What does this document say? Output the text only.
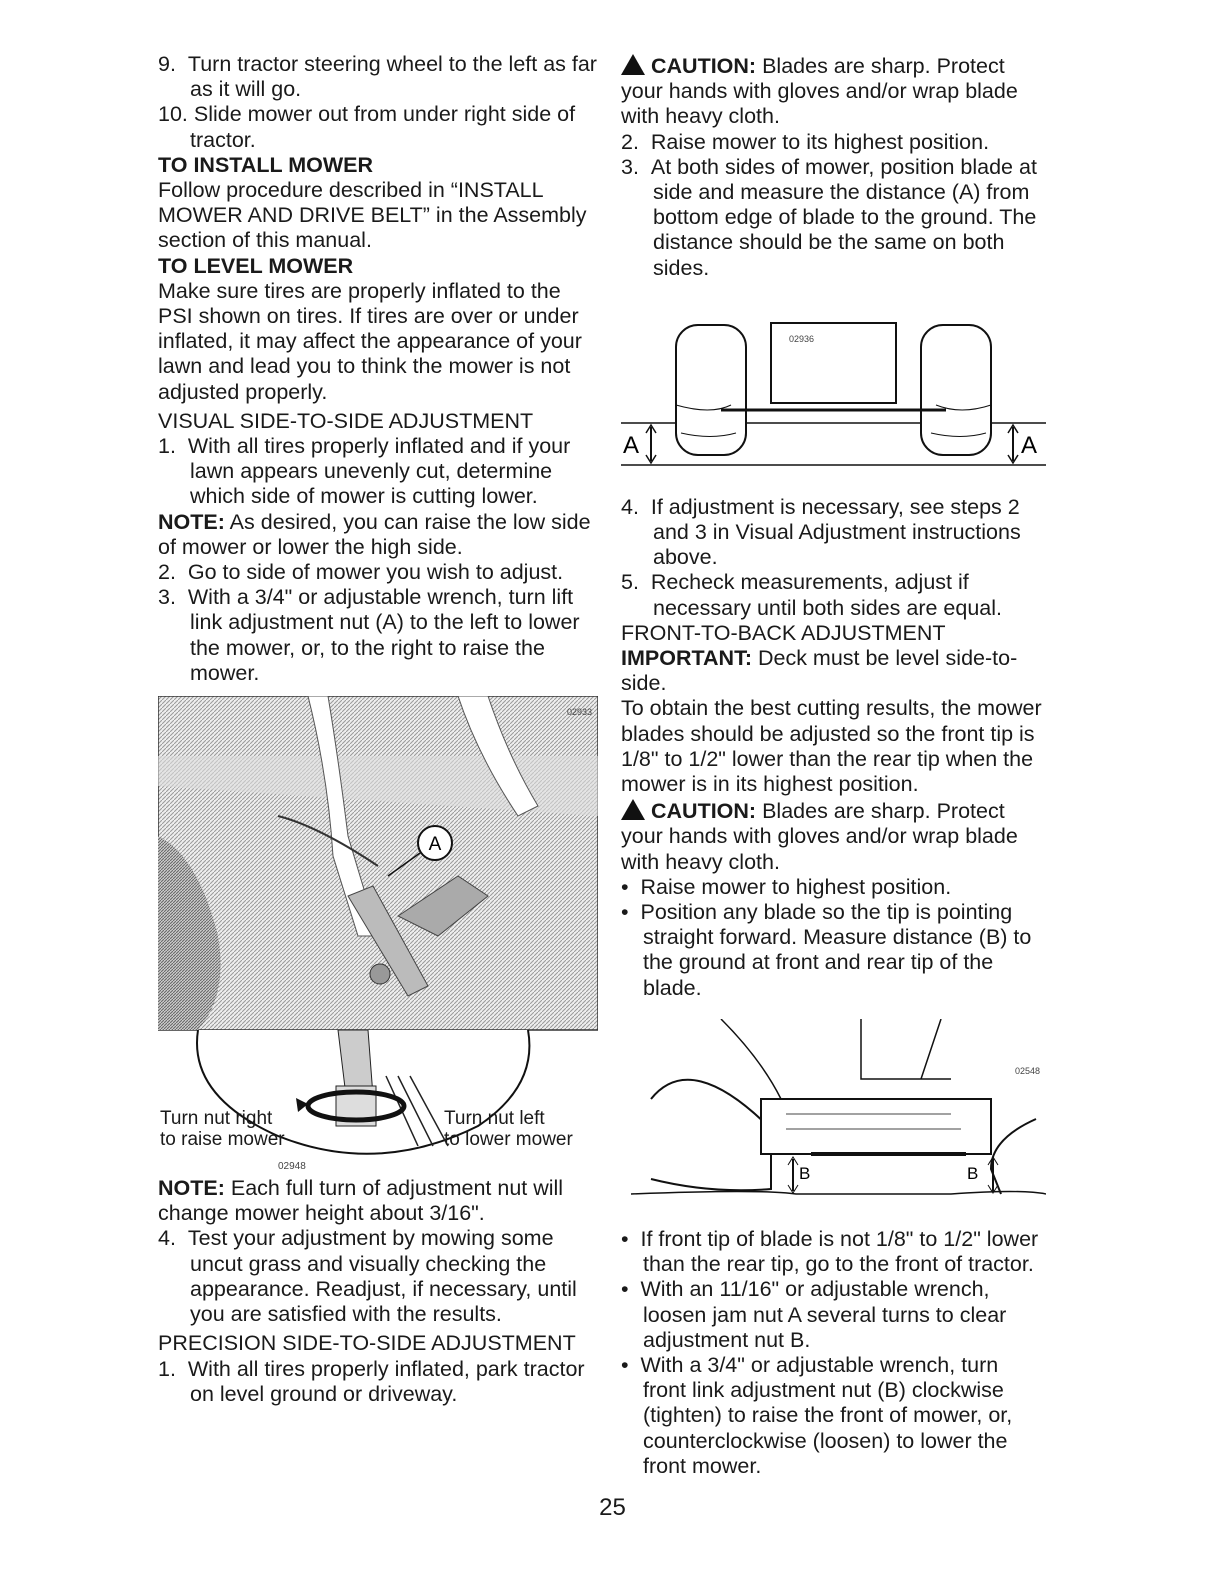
9.  Turn tractor steering wheel to the left as far as it will go.

10. Slide mower out from under right side of tractor.

TO INSTALL MOWER

Follow procedure described in “INSTALL MOWER AND DRIVE BELT” in the Assembly section of this manual.

TO LEVEL MOWER

Make sure tires are properly inflated to the PSI shown on tires. If tires are over or under inflated, it may affect the appearance of your lawn and lead you to think the mower is not adjusted properly.

VISUAL SIDE-TO-SIDE ADJUSTMENT

1.  With all tires properly inflated and if your lawn appears unevenly cut, determine which side of mower is cutting lower.

NOTE: As desired, you can raise the low side of mower or lower the high side.

2.  Go to side of mower you wish to adjust.

3.  With a 3/4" or adjustable wrench, turn lift link adjustment nut (A) to the left to lower the mower, or, to the right to raise the mower.

A
02933
Turn nut right
to raise mower
Turn nut left
to lower mower
02948

NOTE: Each full turn of adjustment nut will change mower height about 3/16".

4.  Test your adjustment by mowing some uncut grass and visually checking the appearance. Readjust, if necessary, until you are satisfied with the results.

PRECISION SIDE-TO-SIDE ADJUSTMENT

1.  With all tires properly inflated, park tractor on level ground or driveway.

CAUTION: Blades are sharp. Protect your hands with gloves and/or wrap blade with heavy cloth.

2.  Raise mower to its highest position.

3.  At both sides of mower, position blade at side and measure the distance (A) from bottom edge of blade to the ground. The distance should be the same on both sides.

A	A
02936

4.  If adjustment is necessary, see steps 2 and 3 in Visual Adjustment instructions above.

5.  Recheck measurements, adjust if necessary until both sides are equal.

FRONT-TO-BACK ADJUSTMENT

IMPORTANT: Deck must be level side-to-side.

To obtain the best cutting results, the mower blades should be adjusted so the front tip is 1/8" to 1/2" lower than the rear tip when the mower is in its highest position.

CAUTION: Blades are sharp. Protect your hands with gloves and/or wrap blade with heavy cloth.

•  Raise mower to highest position.

•  Position any blade so the tip is pointing straight forward. Measure distance (B) to the ground at front and rear tip of the blade.

B	B
02548

•  If front tip of blade is not 1/8" to 1/2" lower than the rear tip, go to the front of tractor.

•  With an 11/16" or adjustable wrench, loosen jam nut A several turns to clear adjustment nut B.

•  With a 3/4" or adjustable wrench, turn front link adjustment nut (B) clockwise (tighten) to raise the front of mower, or, counterclockwise (loosen) to lower the front mower.

25
